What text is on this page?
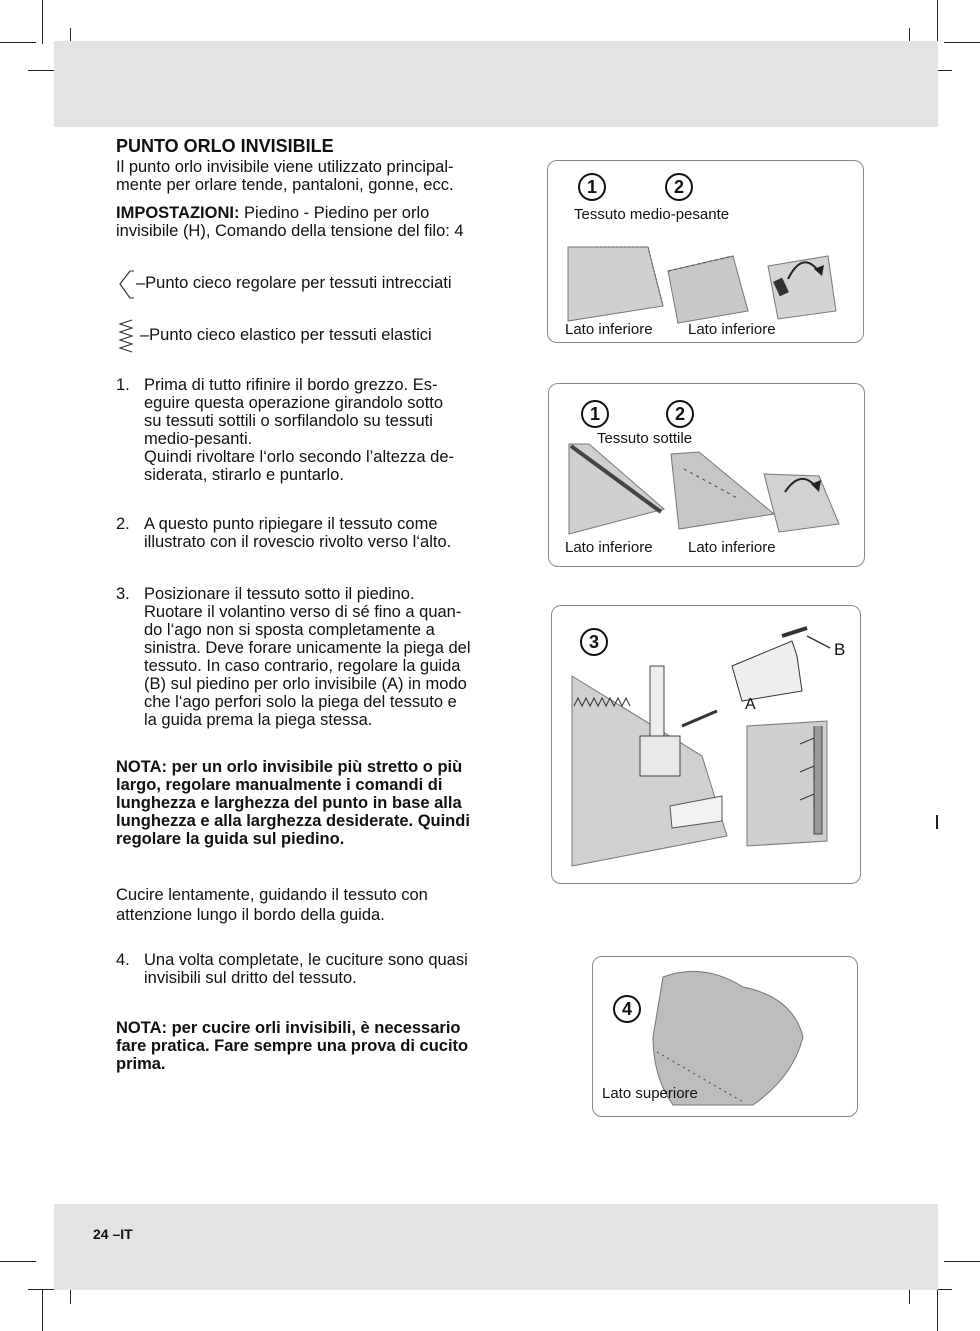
PUNTO ORLO INVISIBILE
Il punto orlo invisibile viene utilizzato principal-
mente per orlare tende, pantaloni, gonne, ecc.
IMPOSTAZIONI: Piedino - Piedino per orlo
invisibile (H), Comando della tensione del filo: 4
–Punto cieco regolare per tessuti intrecciati
–Punto cieco elastico per tessuti elastici
1. Prima di tutto rifinire il bordo grezzo. Es-
eguire questa operazione girandolo sotto
su tessuti sottili o sorfilandolo su tessuti
medio-pesanti.
Quindi rivoltare l‘orlo secondo l’altezza de-
siderata, stirarlo e puntarlo.
2. A questo punto ripiegare il tessuto come
illustrato con il rovescio rivolto verso l‘alto.
3. Posizionare il tessuto sotto il piedino.
Ruotare il volantino verso di sé fino a quan-
do l‘ago non si sposta completamente a
sinistra. Deve forare unicamente la piega del
tessuto. In caso contrario, regolare la guida
(B) sul piedino per orlo invisibile (A) in modo
che l‘ago perfori solo la piega del tessuto e
la guida prema la piega stessa.
NOTA: per un orlo invisibile più stretto o più
largo, regolare manualmente i comandi di
lunghezza e larghezza del punto in base alla
lunghezza e alla larghezza desiderate. Quindi
regolare la guida sul piedino.
Cucire lentamente, guidando il tessuto con
attenzione lungo il bordo della guida.
4. Una volta completate, le cuciture sono quasi
invisibili sul dritto del tessuto.
NOTA: per cucire orli invisibili, è necessario
fare pratica. Fare sempre una prova di cucito
prima.
1	2
Tessuto medio-pesante
Lato inferiore Lato inferiore
1	2
Tessuto sottile
Lato inferiore Lato inferiore
3
A
B
4
Lato superiore
24 –IT
